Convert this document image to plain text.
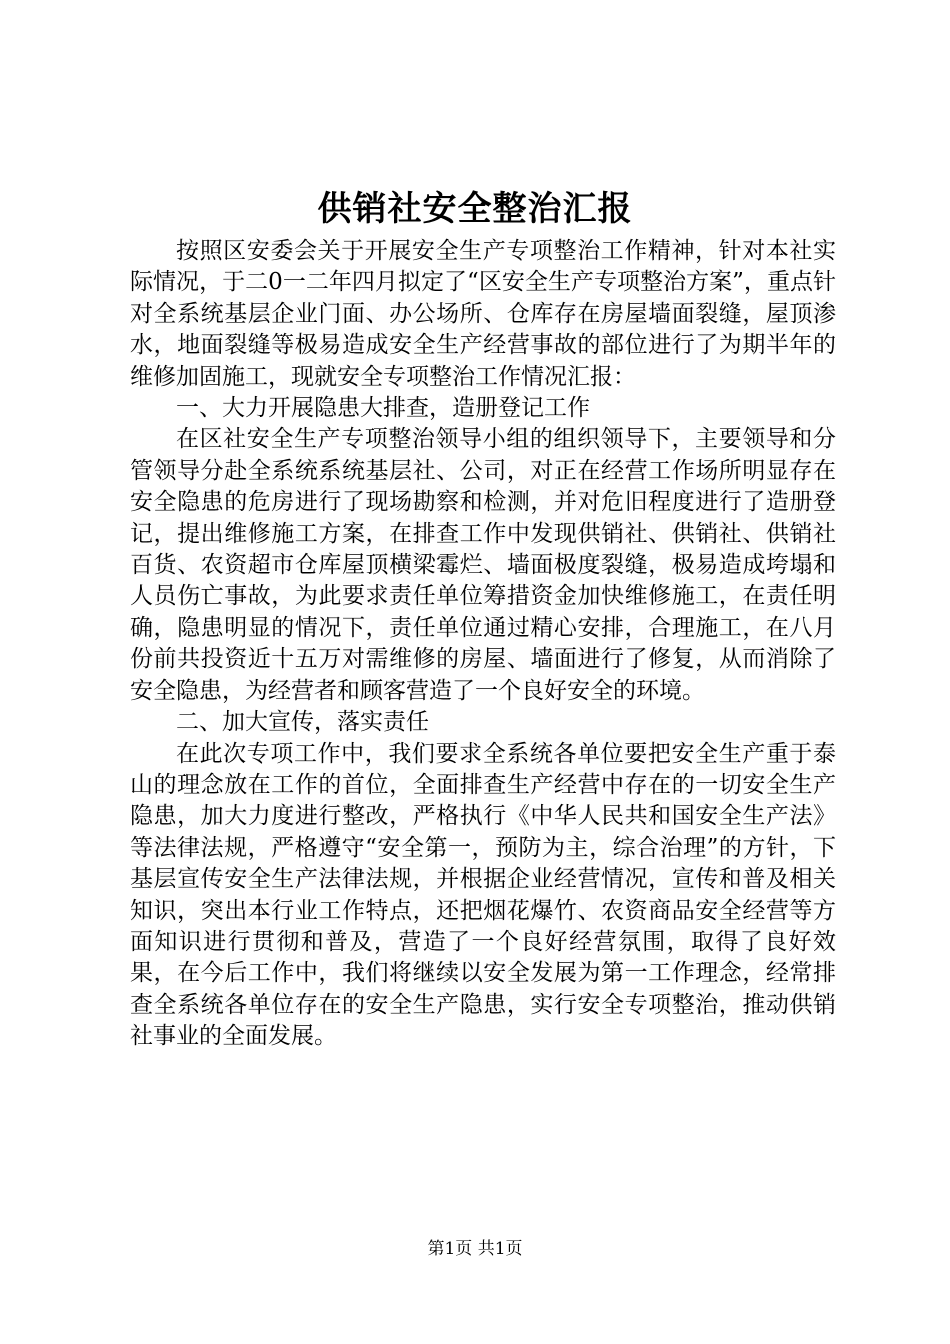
供销社安全整治汇报

按照区安委会关于开展安全生产专项整治工作精神，针对本社实际情况，于二0一二年四月拟定了“区安全生产专项整治方案”，重点针对全系统基层企业门面、办公场所、仓库存在房屋墙面裂缝，屋顶渗水，地面裂缝等极易造成安全生产经营事故的部位进行了为期半年的维修加固施工，现就安全专项整治工作情况汇报：

一、大力开展隐患大排查，造册登记工作

在区社安全生产专项整治领导小组的组织领导下，主要领导和分管领导分赴全系统系统基层社、公司，对正在经营工作场所明显存在安全隐患的危房进行了现场勘察和检测，并对危旧程度进行了造册登记，提出维修施工方案，在排查工作中发现供销社、供销社、供销社百货、农资超市仓库屋顶横梁霉烂、墙面极度裂缝，极易造成垮塌和人员伤亡事故，为此要求责任单位筹措资金加快维修施工，在责任明确，隐患明显的情况下，责任单位通过精心安排，合理施工，在八月份前共投资近十五万对需维修的房屋、墙面进行了修复，从而消除了安全隐患，为经营者和顾客营造了一个良好安全的环境。

二、加大宣传，落实责任

在此次专项工作中，我们要求全系统各单位要把安全生产重于泰山的理念放在工作的首位，全面排查生产经营中存在的一切安全生产隐患，加大力度进行整改，严格执行《中华人民共和国安全生产法》等法律法规，严格遵守“安全第一，预防为主，综合治理”的方针，下基层宣传安全生产法律法规，并根据企业经营情况，宣传和普及相关知识，突出本行业工作特点，还把烟花爆竹、农资商品安全经营等方面知识进行贯彻和普及，营造了一个良好经营氛围，取得了良好效果，在今后工作中，我们将继续以安全发展为第一工作理念，经常排查全系统各单位存在的安全生产隐患，实行安全专项整治，推动供销社事业的全面发展。

第1页 共1页
